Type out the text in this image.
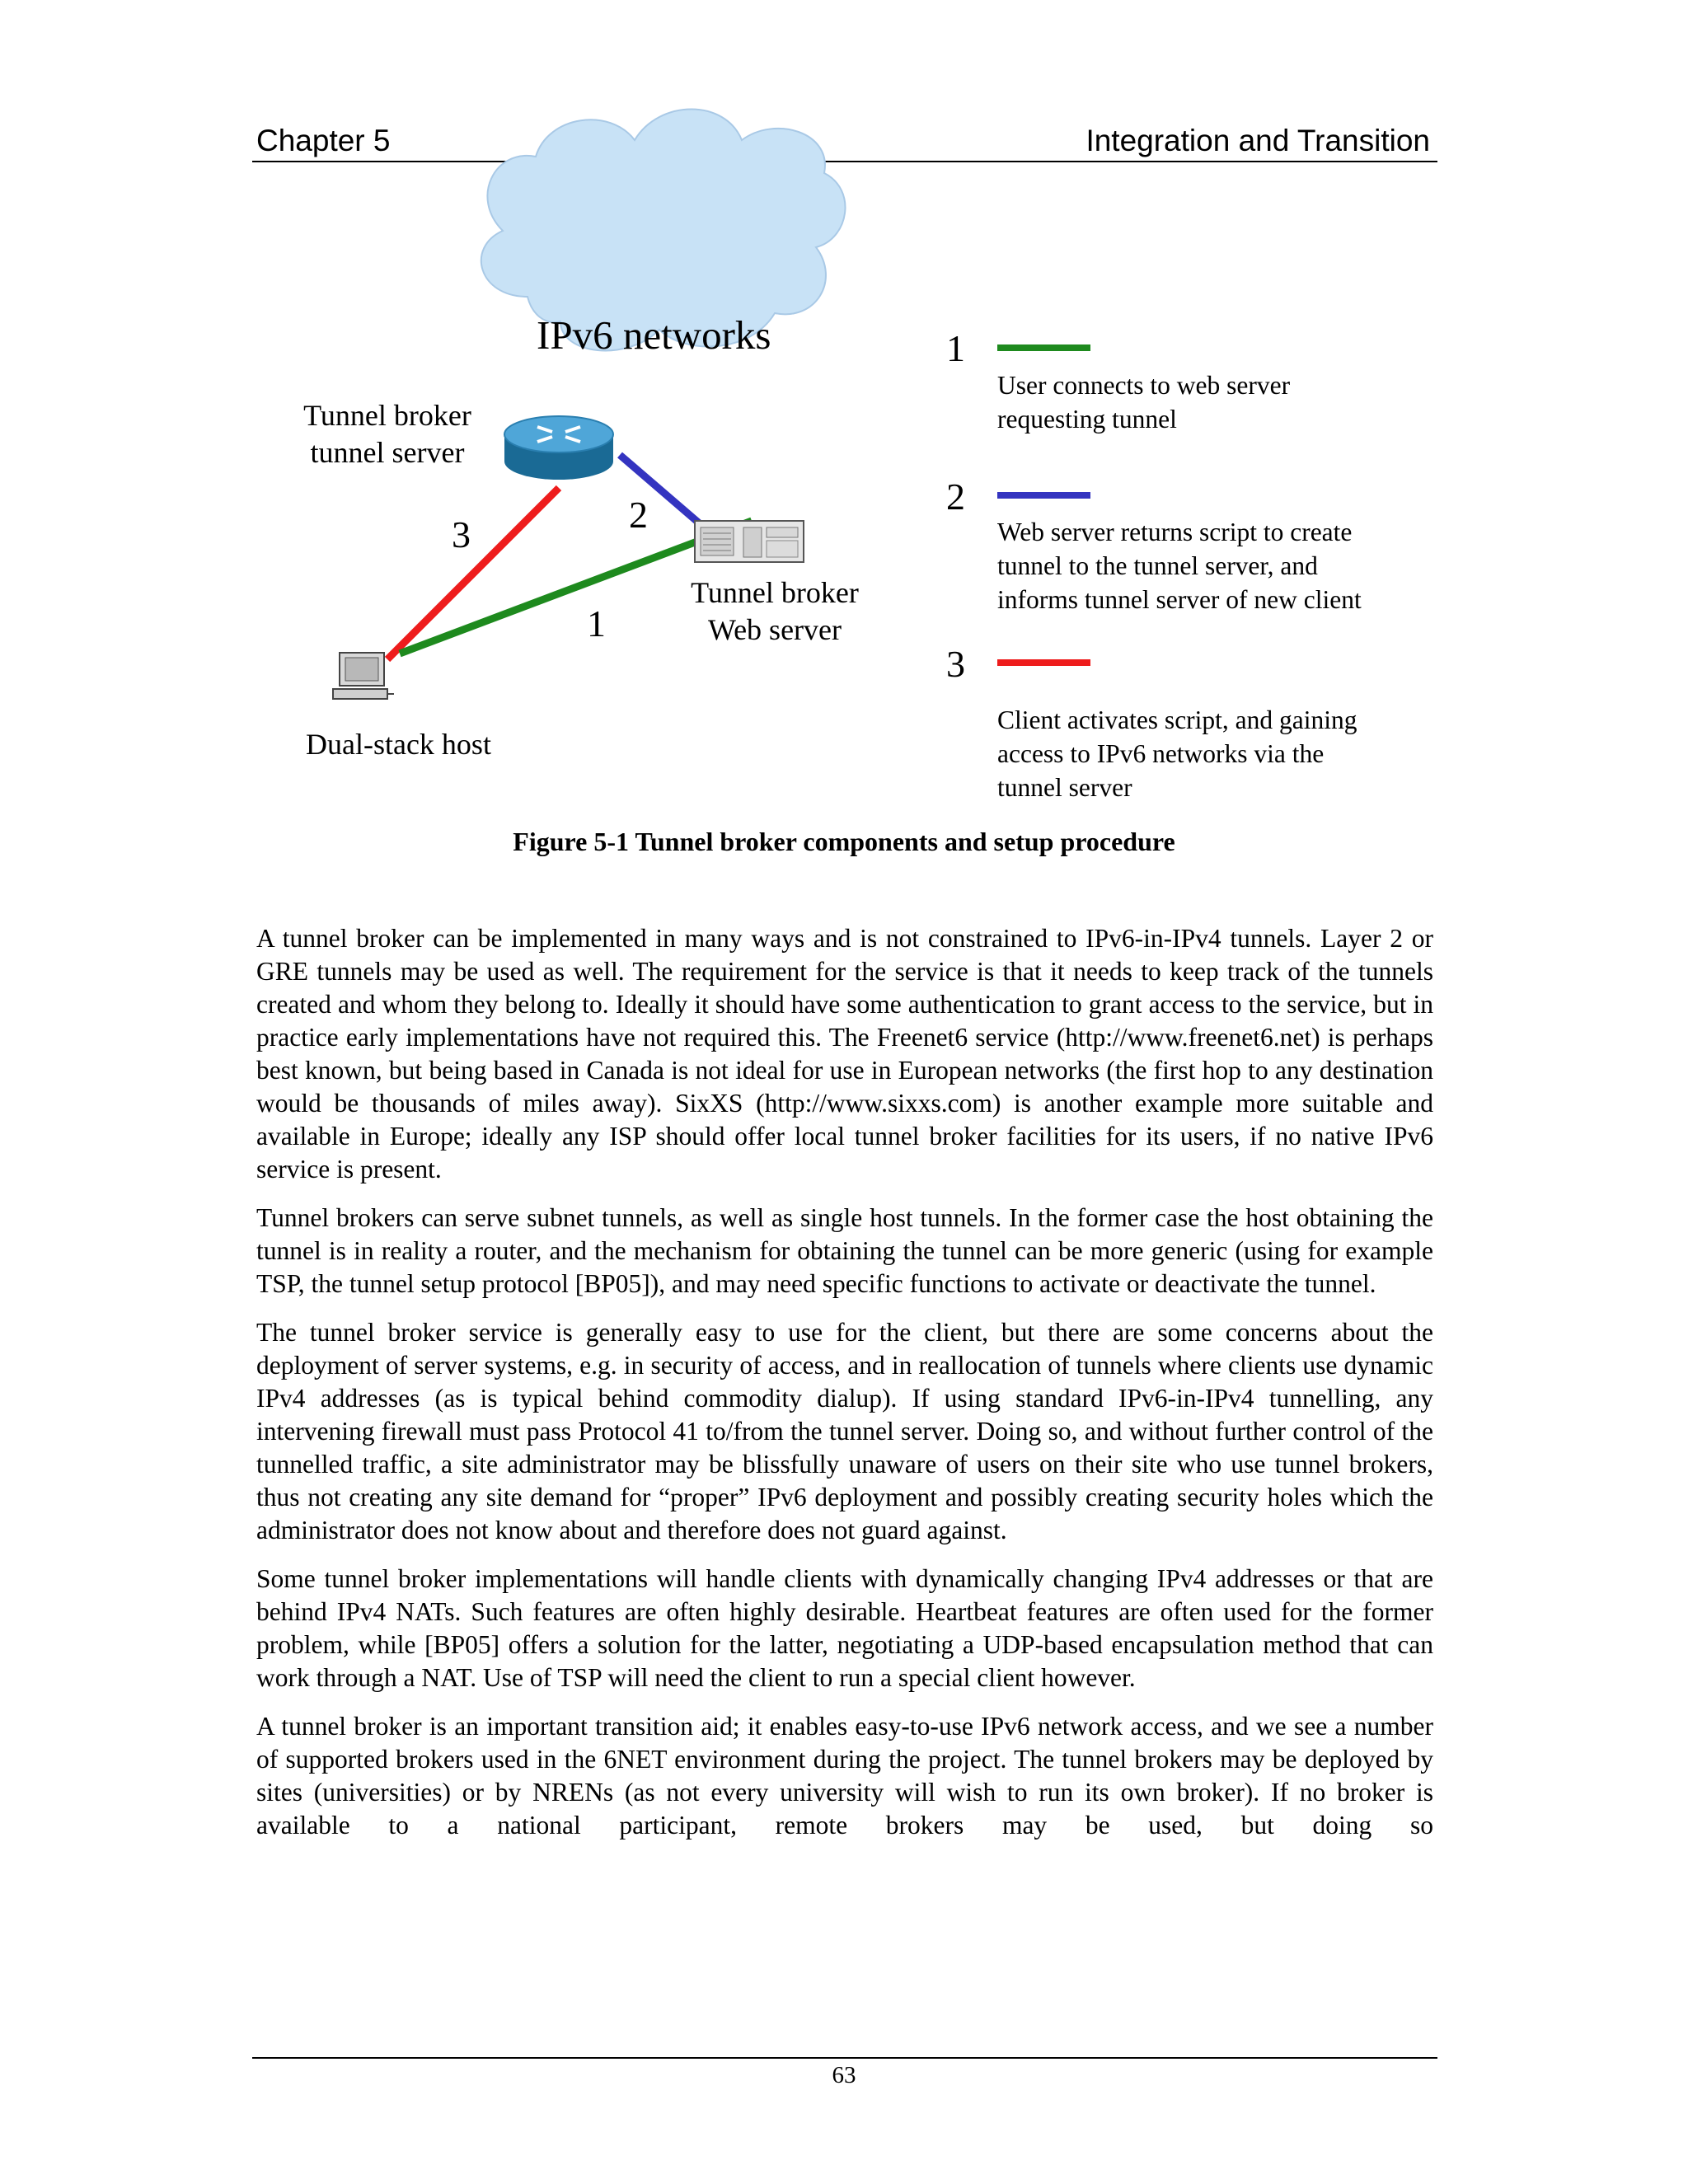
Chapter 5	Integration and Transition
IPv6 networks
Tunnel broker
tunnel server
Tunnel broker
Web server
Dual-stack host
1
2
3
1
User connects to web server
requesting tunnel
2
Web server returns script to create
tunnel to the tunnel server, and
informs tunnel server of new client
3
Client activates script, and gaining
access to IPv6 networks via the
tunnel server
Figure 5-1 Tunnel broker components and setup procedure

A tunnel broker can be implemented in many ways and is not constrained to IPv6-in-IPv4 tunnels. Layer 2 or GRE tunnels may be used as well. The requirement for the service is that it needs to keep track of the tunnels created and whom they belong to. Ideally it should have some authentication to grant access to the service, but in practice early implementations have not required this. The Freenet6 service (http://www.freenet6.net) is perhaps best known, but being based in Canada is not ideal for use in European networks (the first hop to any destination would be thousands of miles away). SixXS (http://www.sixxs.com) is another example more suitable and available in Europe; ideally any ISP should offer local tunnel broker facilities for its users, if no native IPv6 service is present.

Tunnel brokers can serve subnet tunnels, as well as single host tunnels. In the former case the host obtaining the tunnel is in reality a router, and the mechanism for obtaining the tunnel can be more generic (using for example TSP, the tunnel setup protocol [BP05]), and may need specific functions to activate or deactivate the tunnel.

The tunnel broker service is generally easy to use for the client, but there are some concerns about the deployment of server systems, e.g. in security of access, and in reallocation of tunnels where clients use dynamic IPv4 addresses (as is typical behind commodity dialup). If using standard IPv6-in-IPv4 tunnelling, any intervening firewall must pass Protocol 41 to/from the tunnel server. Doing so, and without further control of the tunnelled traffic, a site administrator may be blissfully unaware of users on their site who use tunnel brokers, thus not creating any site demand for “proper” IPv6 deployment and possibly creating security holes which the administrator does not know about and therefore does not guard against.

Some tunnel broker implementations will handle clients with dynamically changing IPv4 addresses or that are behind IPv4 NATs. Such features are often highly desirable. Heartbeat features are often used for the former problem, while [BP05] offers a solution for the latter, negotiating a UDP-based encapsulation method that can work through a NAT. Use of TSP will need the client to run a special client however.

A tunnel broker is an important transition aid; it enables easy-to-use IPv6 network access, and we see a number of supported brokers used in the 6NET environment during the project. The tunnel brokers may be deployed by sites (universities) or by NRENs (as not every university will wish to run its own broker). If no broker is available to a national participant, remote brokers may be used, but doing so

63
